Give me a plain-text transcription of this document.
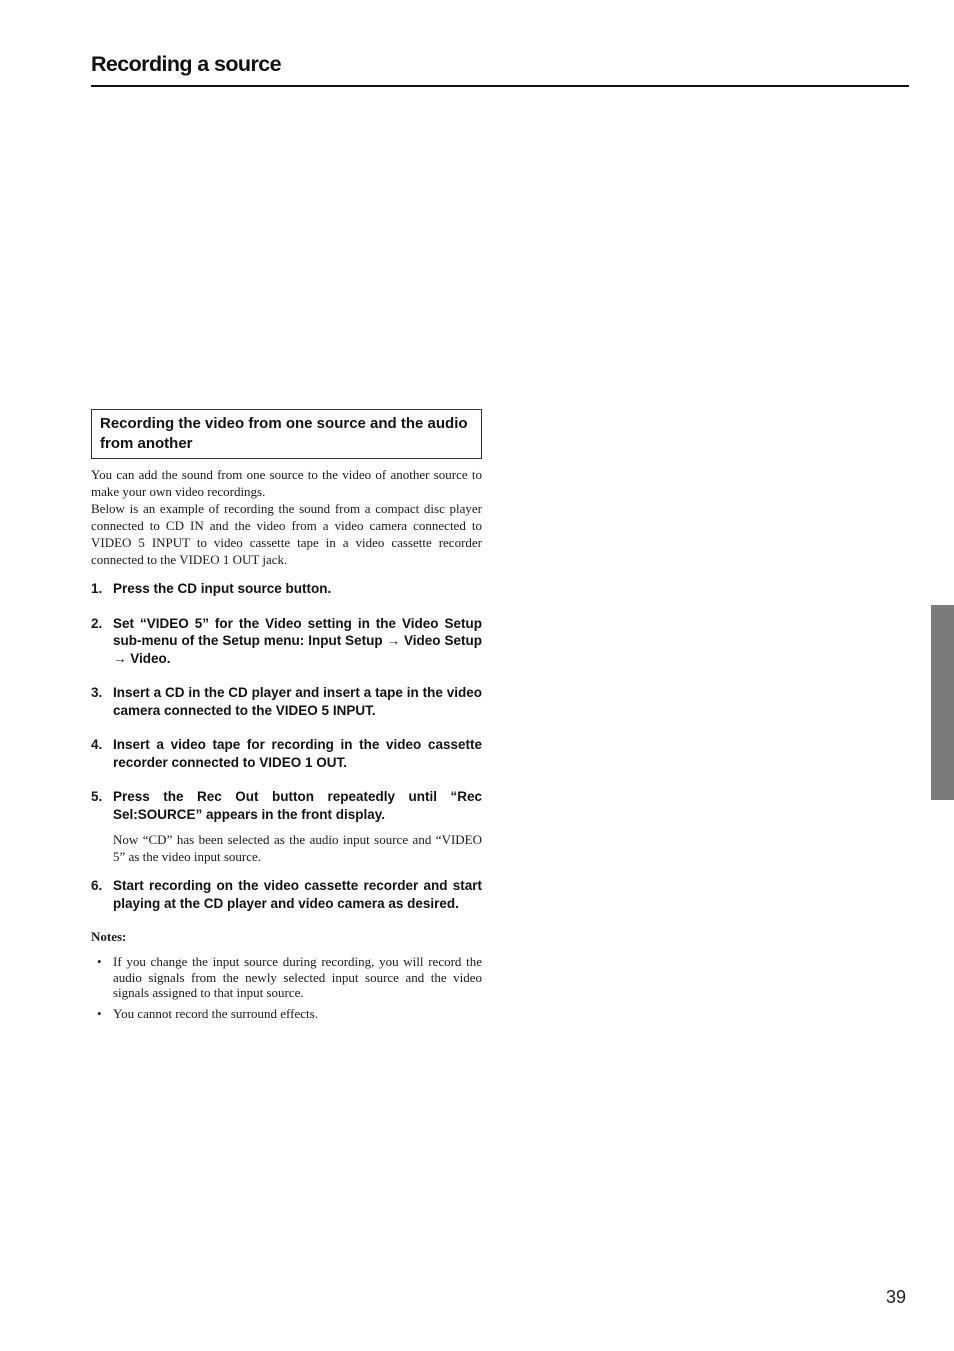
Recording a source
Recording the video from one source and the audio from another

You can add the sound from one source to the video of another source to make your own video recordings.

Below is an example of recording the sound from a compact disc player connected to CD IN and the video from a video camera connected to VIDEO 5 INPUT to video cassette tape in a video cassette recorder connected to the VIDEO 1 OUT jack.

1. Press the CD input source button.
2. Set “VIDEO 5” for the Video setting in the Video Setup sub-menu of the Setup menu: Input Setup → Video Setup → Video.
3. Insert a CD in the CD player and insert a tape in the video camera connected to the VIDEO 5 INPUT.
4. Insert a video tape for recording in the video cassette recorder connected to VIDEO 1 OUT.
5. Press the Rec Out button repeatedly until “Rec Sel:SOURCE” appears in the front display.
Now “CD” has been selected as the audio input source and “VIDEO 5” as the video input source.
6. Start recording on the video cassette recorder and start playing at the CD player and video camera as desired.
Notes:
• If you change the input source during recording, you will record the audio signals from the newly selected input source and the video signals assigned to that input source.
• You cannot record the surround effects.
39
